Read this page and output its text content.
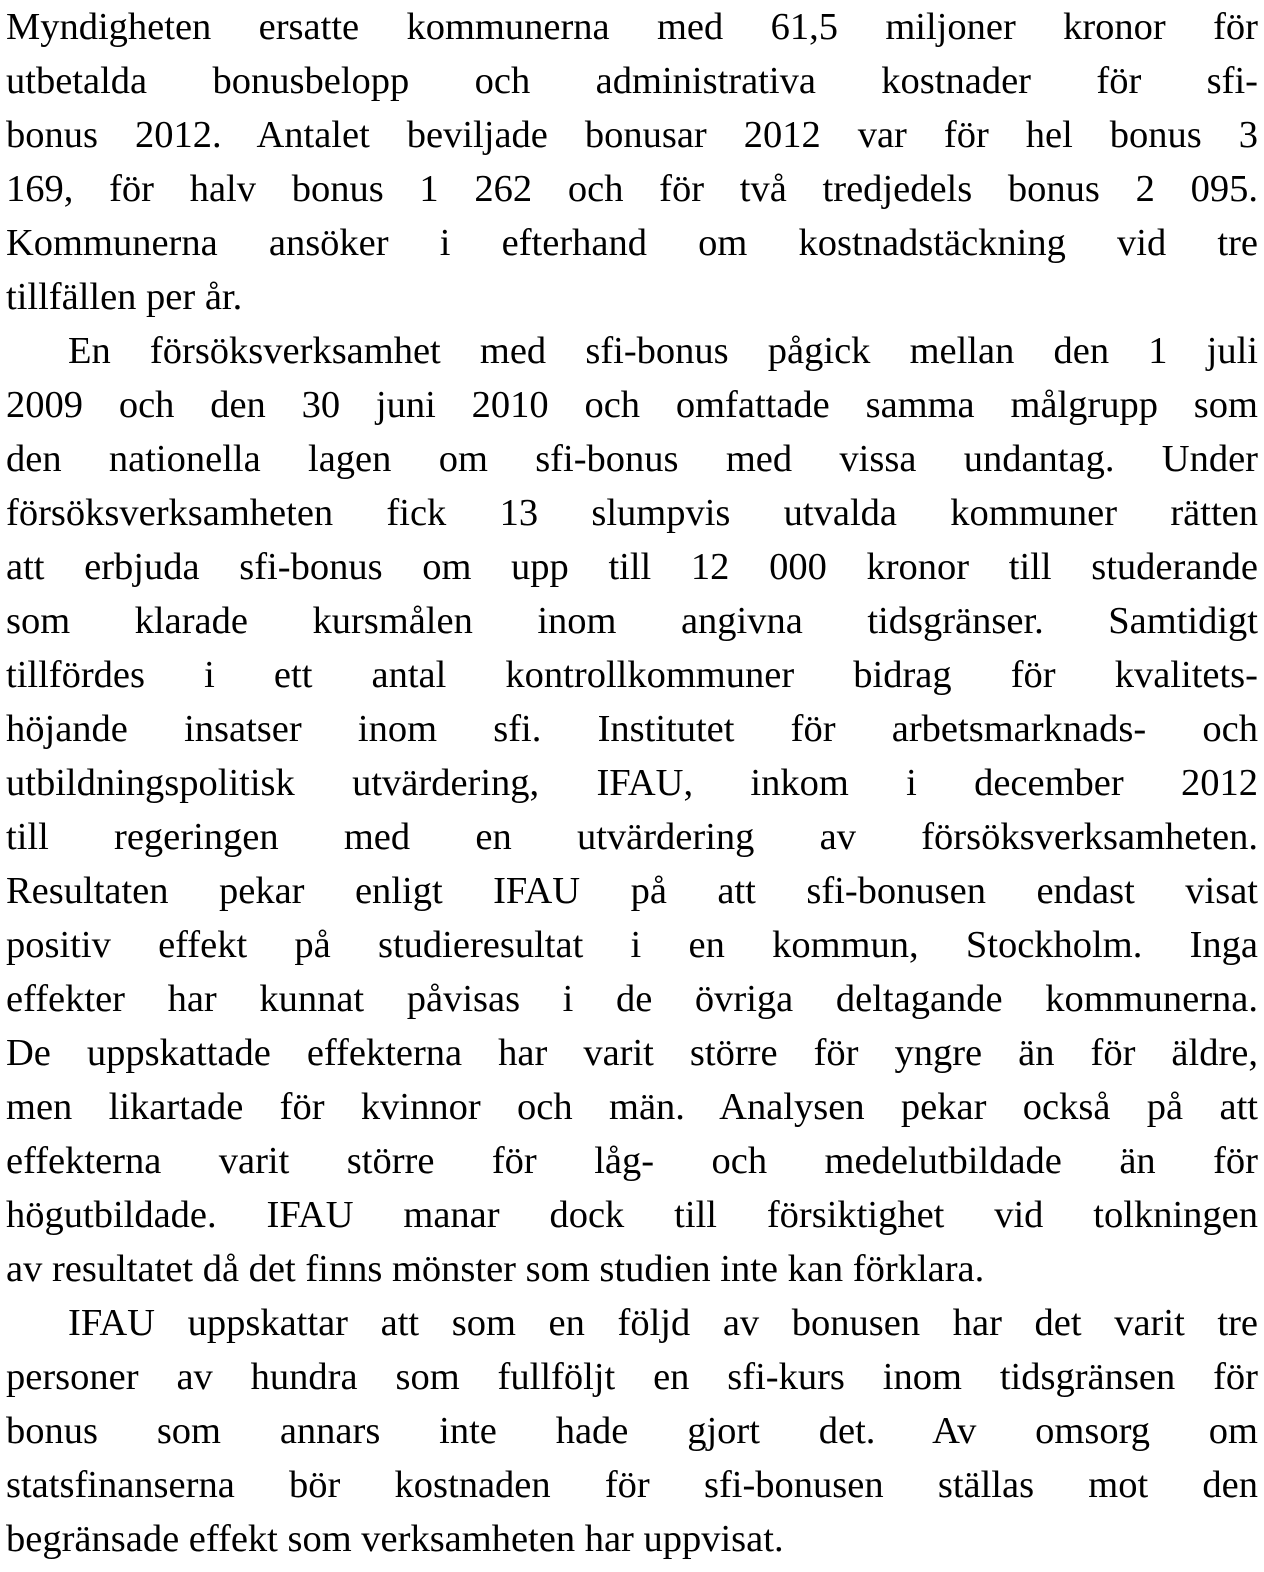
Myndigheten ersatte kommunerna med 61,5 miljoner kronor för
utbetalda bonusbelopp och administrativa kostnader för sfi-
bonus 2012. Antalet beviljade bonusar 2012 var för hel bonus 3
169, för halv bonus 1 262 och för två tredjedels bonus 2 095.
Kommunerna ansöker i efterhand om kostnadstäckning vid tre
tillfällen per år.
En försöksverksamhet med sfi-bonus pågick mellan den 1 juli
2009 och den 30 juni 2010 och omfattade samma målgrupp som
den nationella lagen om sfi-bonus med vissa undantag. Under
försöksverksamheten fick 13 slumpvis utvalda kommuner rätten
att erbjuda sfi-bonus om upp till 12 000 kronor till studerande
som klarade kursmålen inom angivna tidsgränser. Samtidigt
tillfördes i ett antal kontrollkommuner bidrag för kvalitets-
höjande insatser inom sfi. Institutet för arbetsmarknads- och
utbildningspolitisk utvärdering, IFAU, inkom i december 2012
till regeringen med en utvärdering av försöksverksamheten.
Resultaten pekar enligt IFAU på att sfi-bonusen endast visat
positiv effekt på studieresultat i en kommun, Stockholm. Inga
effekter har kunnat påvisas i de övriga deltagande kommunerna.
De uppskattade effekterna har varit större för yngre än för äldre,
men likartade för kvinnor och män. Analysen pekar också på att
effekterna varit större för låg- och medelutbildade än för
högutbildade. IFAU manar dock till försiktighet vid tolkningen
av resultatet då det finns mönster som studien inte kan förklara.
IFAU uppskattar att som en följd av bonusen har det varit tre
personer av hundra som fullföljt en sfi-kurs inom tidsgränsen för
bonus som annars inte hade gjort det. Av omsorg om
statsfinanserna bör kostnaden för sfi-bonusen ställas mot den
begränsade effekt som verksamheten har uppvisat.
